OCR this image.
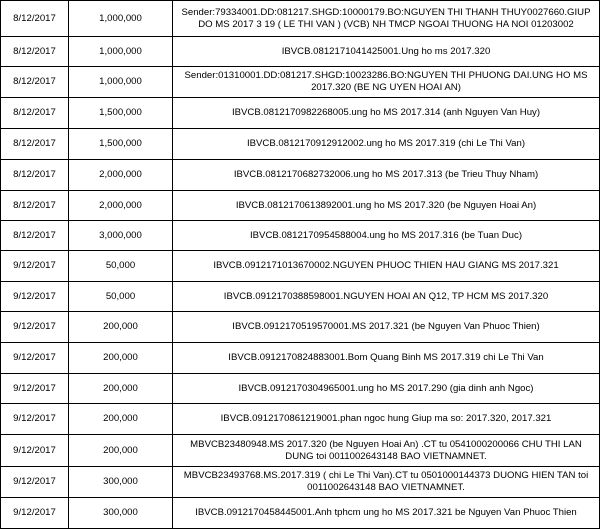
8/12/2017	1,000,000	Sender:79334001.DD:081217.SHGD:10000179.BO:NGUYEN THI THANH THUY0027660.GIUP DO MS 2017 3 19 ( LE THI VAN ) (VCB) NH TMCP NGOAI THUONG HA NOI 01203002
8/12/2017	1,000,000	IBVCB.0812171041425001.Ung ho ms 2017.320
8/12/2017	1,000,000	Sender:01310001.DD:081217.SHGD:10023286.BO:NGUYEN THI PHUONG DAI.UNG HO MS 2017.320 (BE NG UYEN HOAI AN)
8/12/2017	1,500,000	IBVCB.0812170982268005.ung ho MS 2017.314 (anh Nguyen Van Huy)
8/12/2017	1,500,000	IBVCB.0812170912912002.ung ho MS 2017.319 (chi Le Thi Van)
8/12/2017	2,000,000	IBVCB.0812170682732006.ung ho MS 2017.313 (be Trieu Thuy Nham)
8/12/2017	2,000,000	IBVCB.0812170613892001.ung ho MS 2017.320 (be Nguyen Hoai An)
8/12/2017	3,000,000	IBVCB.0812170954588004.ung ho MS 2017.316 (be Tuan Duc)
9/12/2017	50,000	IBVCB.0912171013670002.NGUYEN PHUOC THIEN HAU GIANG MS 2017.321
9/12/2017	50,000	IBVCB.0912170388598001.NGUYEN HOAI AN Q12, TP HCM MS 2017.320
9/12/2017	200,000	IBVCB.0912170519570001.MS 2017.321 (be Nguyen Van Phuoc Thien)
9/12/2017	200,000	IBVCB.0912170824883001.Bom Quang Binh MS 2017.319 chi Le Thi Van
9/12/2017	200,000	IBVCB.0912170304965001.ung ho MS 2017.290 (gia dinh anh Ngoc)
9/12/2017	200,000	IBVCB.0912170861219001.phan ngoc hung Giup ma so: 2017.320, 2017.321
9/12/2017	200,000	MBVCB23480948.MS 2017.320 (be Nguyen Hoai An) .CT tu 0541000200066 CHU THI LAN DUNG toi 0011002643148 BAO VIETNAMNET.
9/12/2017	300,000	MBVCB23493768.MS.2017.319 ( chi Le Thi Van).CT tu 0501000144373 DUONG HIEN TAN toi 0011002643148 BAO VIETNAMNET.
9/12/2017	300,000	IBVCB.0912170458445001.Anh tphcm ung ho MS 2017.321 be Nguyen Van Phuoc Thien
